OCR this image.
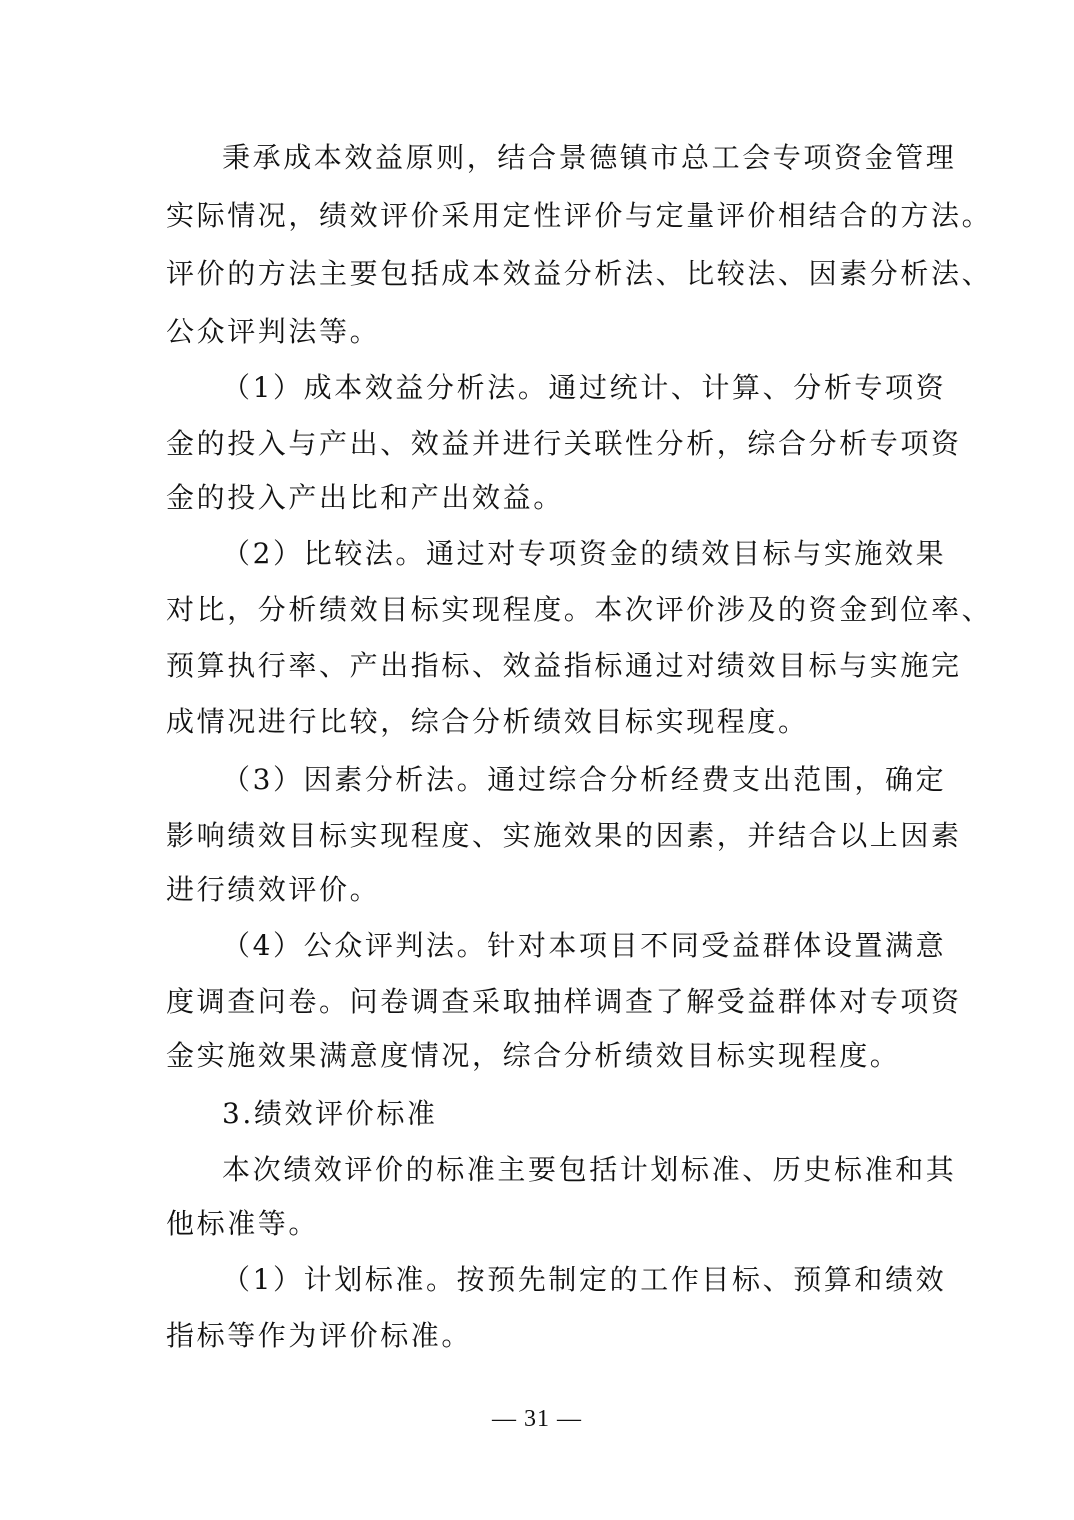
秉承成本效益原则，结合景德镇市总工会专项资金管理
实际情况，绩效评价采用定性评价与定量评价相结合的方法。
评价的方法主要包括成本效益分析法、比较法、因素分析法、
公众评判法等。
（1）成本效益分析法。通过统计、计算、分析专项资
金的投入与产出、效益并进行关联性分析，综合分析专项资
金的投入产出比和产出效益。
（2）比较法。通过对专项资金的绩效目标与实施效果
对比，分析绩效目标实现程度。本次评价涉及的资金到位率、
预算执行率、产出指标、效益指标通过对绩效目标与实施完
成情况进行比较，综合分析绩效目标实现程度。
（3）因素分析法。通过综合分析经费支出范围，确定
影响绩效目标实现程度、实施效果的因素，并结合以上因素
进行绩效评价。
（4）公众评判法。针对本项目不同受益群体设置满意
度调查问卷。问卷调查采取抽样调查了解受益群体对专项资
金实施效果满意度情况，综合分析绩效目标实现程度。
3.绩效评价标准
本次绩效评价的标准主要包括计划标准、历史标准和其
他标准等。
（1）计划标准。按预先制定的工作目标、预算和绩效
指标等作为评价标准。
— 31 —
